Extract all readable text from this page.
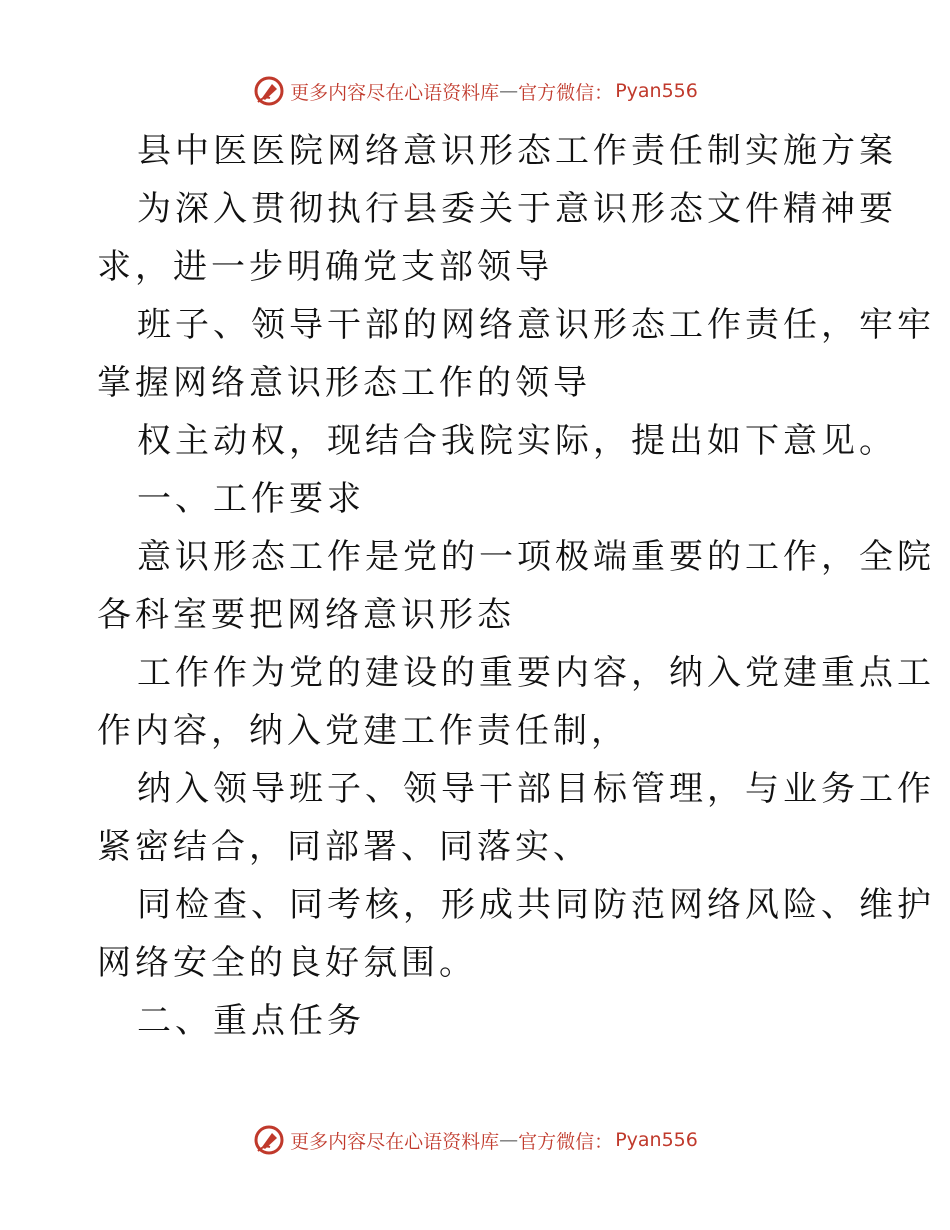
更多内容尽在心语资料库 — 官方微信： Pyan556
县中医医院网络意识形态工作责任制实施方案
为深入贯彻执行县委关于意识形态文件精神要
求，进一步明确党支部领导
班子、领导干部的网络意识形态工作责任，牢牢
掌握网络意识形态工作的领导
权主动权，现结合我院实际，提出如下意见。
一、工作要求
意识形态工作是党的一项极端重要的工作，全院
各科室要把网络意识形态
工作作为党的建设的重要内容，纳入党建重点工
作内容，纳入党建工作责任制，
纳入领导班子、领导干部目标管理，与业务工作
紧密结合，同部署、同落实、
同检查、同考核，形成共同防范网络风险、维护
网络安全的良好氛围。
二、重点任务
更多内容尽在心语资料库 — 官方微信： Pyan556
